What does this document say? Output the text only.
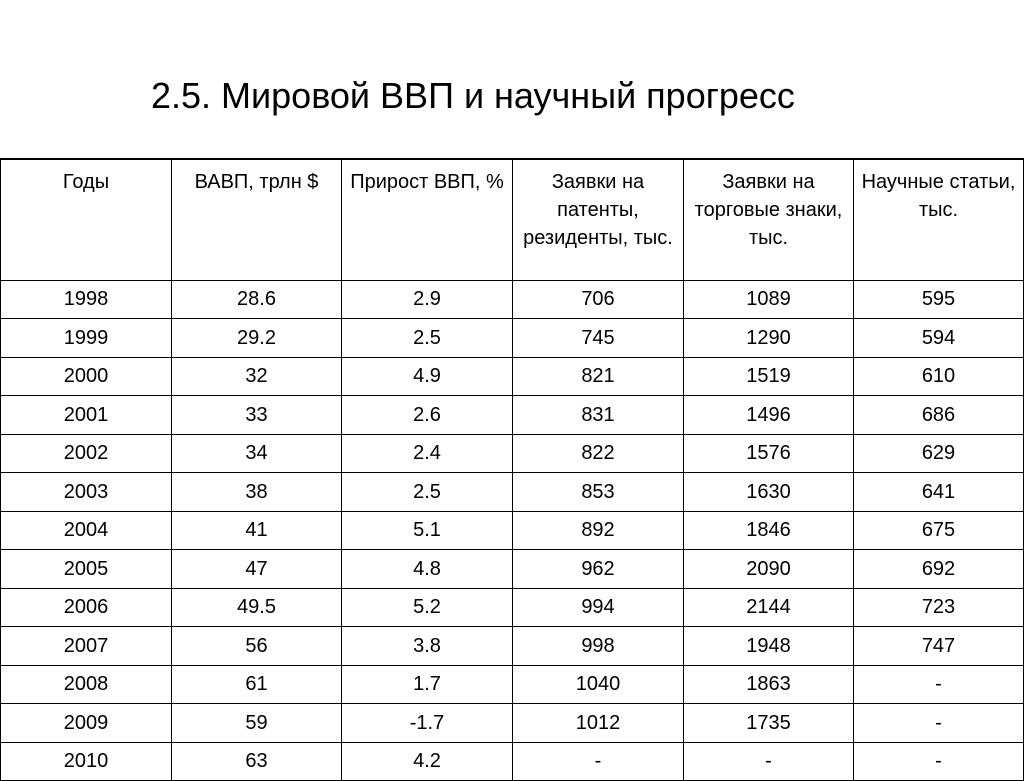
2.5. Мировой ВВП и научный прогресс
Годы	ВАВП, трлн $	Прирост ВВП, %	Заявки на патенты, резиденты, тыс.	Заявки на торговые знаки, тыс.	Научные статьи, тыс.
1998	28.6	2.9	706	1089	595
1999	29.2	2.5	745	1290	594
2000	32	4.9	821	1519	610
2001	33	2.6	831	1496	686
2002	34	2.4	822	1576	629
2003	38	2.5	853	1630	641
2004	41	5.1	892	1846	675
2005	47	4.8	962	2090	692
2006	49.5	5.2	994	2144	723
2007	56	3.8	998	1948	747
2008	61	1.7	1040	1863	-
2009	59	-1.7	1012	1735	-
2010	63	4.2	-	-	-
